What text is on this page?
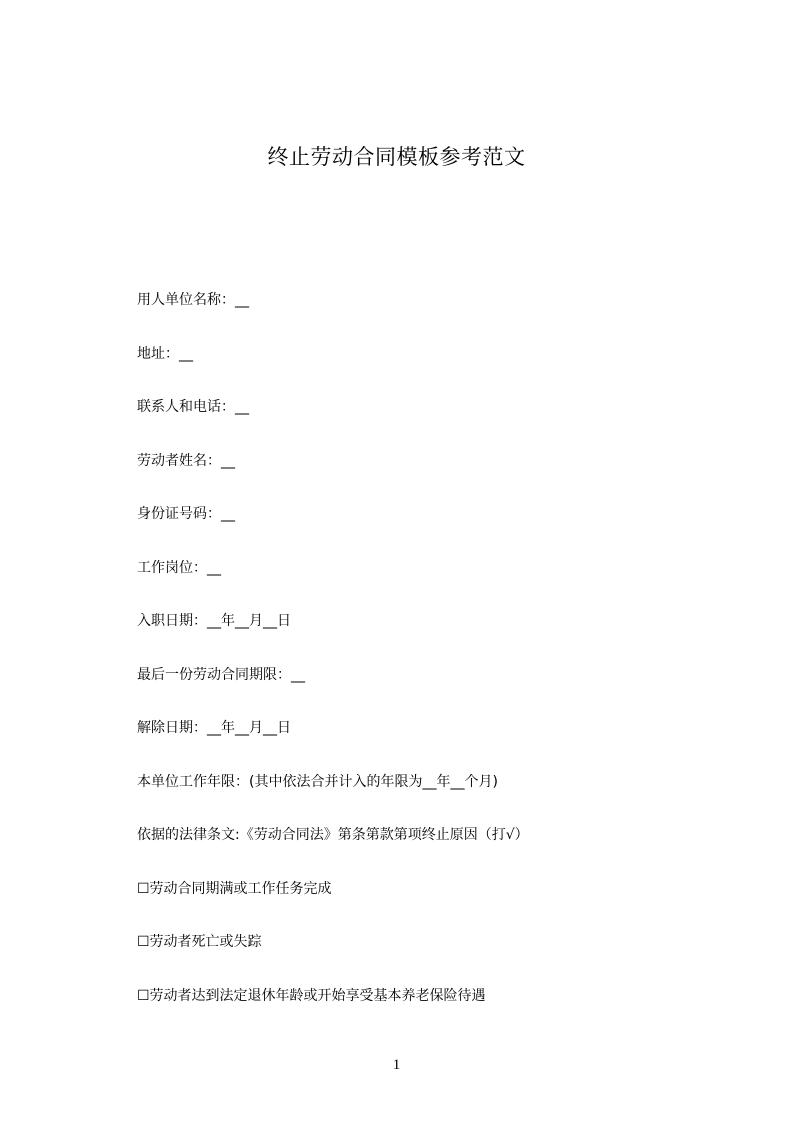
终止劳动合同模板参考范文
用人单位名称：__
地址：__
联系人和电话：__
劳动者姓名：__
身份证号码：__
工作岗位：__
入职日期：__年__月__日
最后一份劳动合同期限：__
解除日期：__年__月__日
本单位工作年限：(其中依法合并计入的年限为__年__个月)
依据的法律条文:《劳动合同法》第条第款第项终止原因（打√）
☐劳动合同期满或工作任务完成
☐劳动者死亡或失踪
☐劳动者达到法定退休年龄或开始享受基本养老保险待遇
1
